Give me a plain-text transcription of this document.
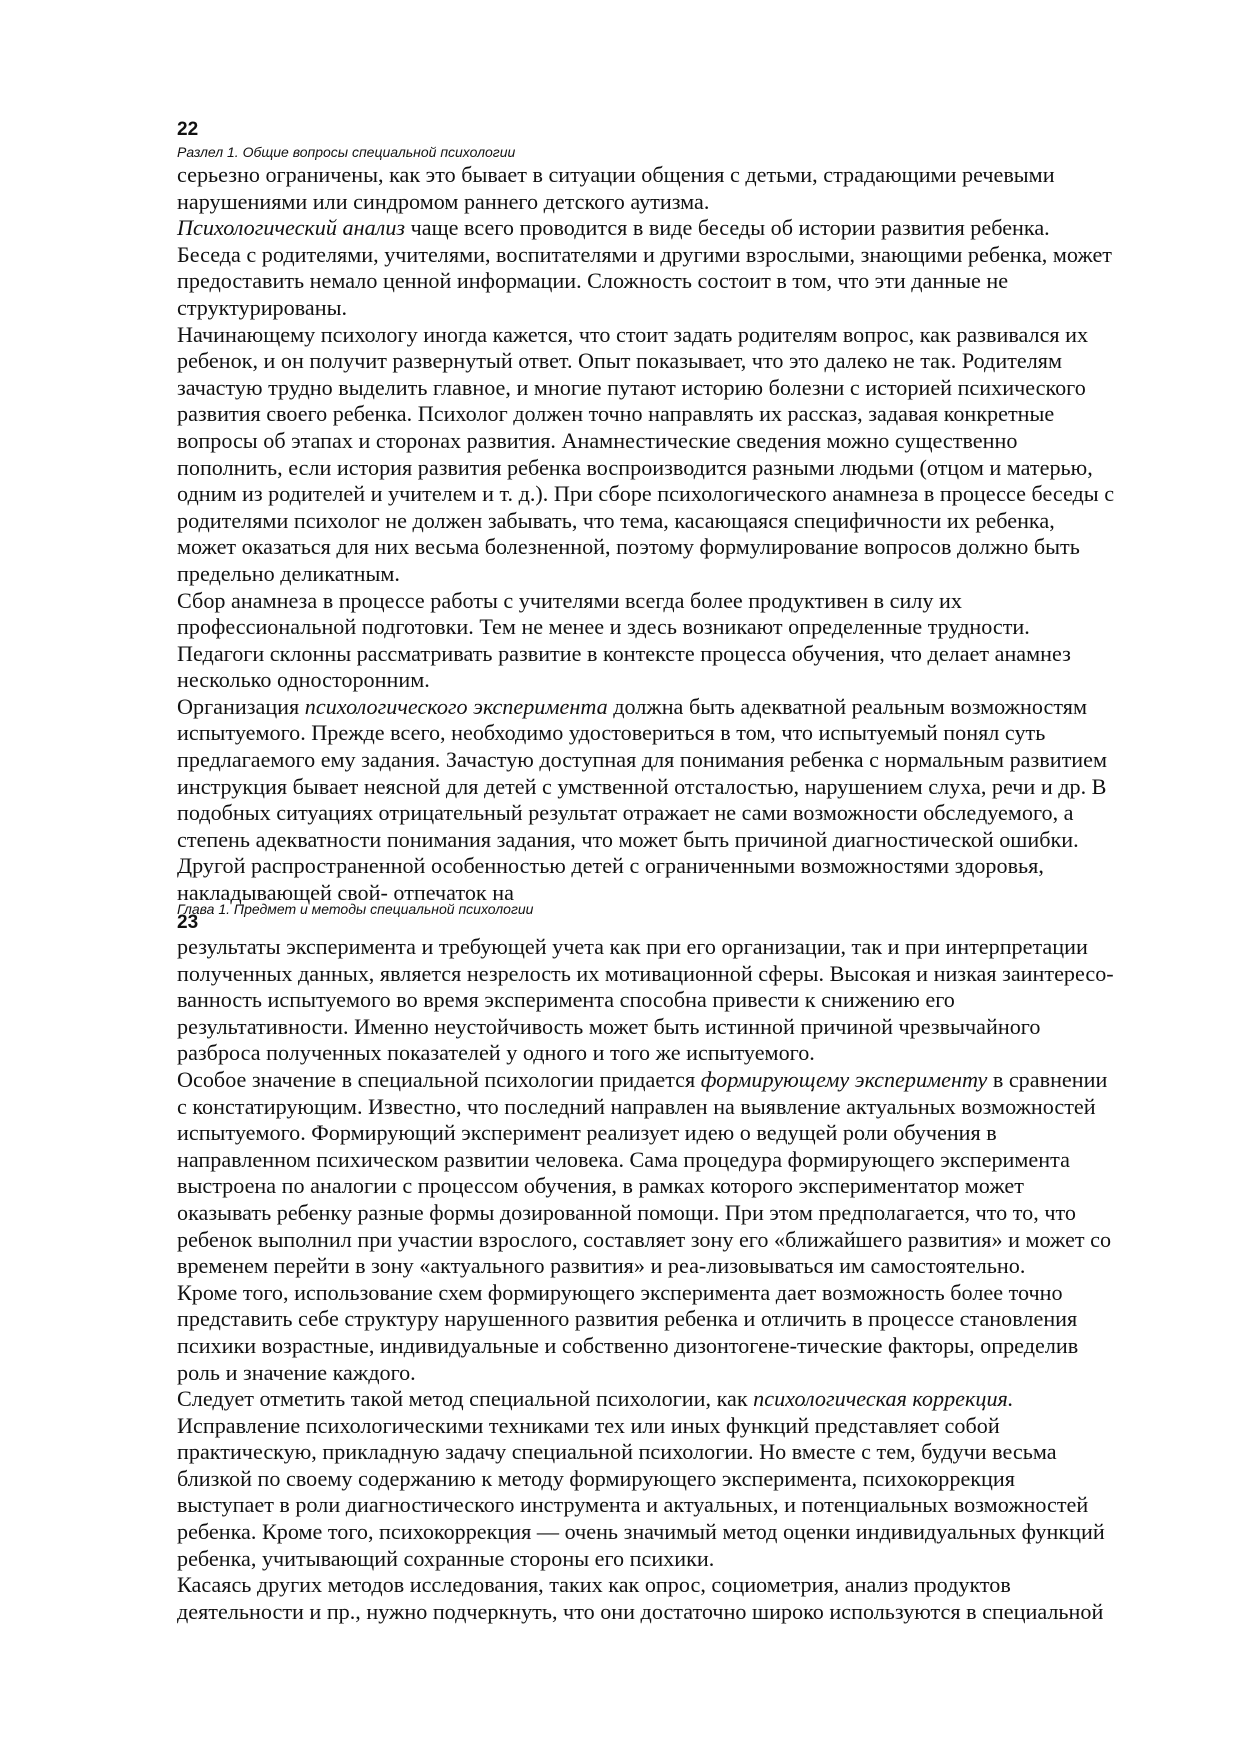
22
Разлел 1. Общие вопросы специальной психологии
серьезно ограничены, как это бывает в ситуации общения с детьми, страдающими речевыми
нарушениями или синдромом раннего детского аутизма.
Психологический анализ чаще всего проводится в виде беседы об истории развития ребенка.
Беседа с родителями, учителями, воспитателями и другими взрослыми, знающими ребенка, может
предоставить немало ценной информации. Сложность состоит в том, что эти данные не
структурированы.
Начинающему психологу иногда кажется, что стоит задать родителям вопрос, как развивался их
ребенок, и он получит развернутый ответ. Опыт показывает, что это далеко не так. Родителям
зачастую трудно выделить главное, и многие путают историю болезни с историей психического
развития своего ребенка. Психолог должен точно направлять их рассказ, задавая конкретные
вопросы об этапах и сторонах развития. Анамнестические сведения можно существенно
пополнить, если история развития ребенка воспроизводится разными людьми (отцом и матерью,
одним из родителей и учителем и т. д.). При сборе психологического анамнеза в процессе беседы с
родителями психолог не должен забывать, что тема, касающаяся специфичности их ребенка,
может оказаться для них весьма болезненной, поэтому формулирование вопросов должно быть
предельно деликатным.
Сбор анамнеза в процессе работы с учителями всегда более продуктивен в силу их
профессиональной подготовки. Тем не менее и здесь возникают определенные трудности.
Педагоги склонны рассматривать развитие в контексте процесса обучения, что делает анамнез
несколько односторонним.
Организация психологического эксперимента должна быть адекватной реальным возможностям
испытуемого. Прежде всего, необходимо удостовериться в том, что испытуемый понял суть
предлагаемого ему задания. Зачастую доступная для понимания ребенка с нормальным развитием
инструкция бывает неясной для детей с умственной отсталостью, нарушением слуха, речи и др. В
подобных ситуациях отрицательный результат отражает не сами возможности обследуемого, а
степень адекватности понимания задания, что может быть причиной диагностической ошибки.
Другой распространенной особенностью детей с ограниченными возможностями здоровья,
накладывающей свой- отпечаток на
Глава 1. Предмет и методы специальной психологии
23
результаты эксперимента и требующей учета как при его организации, так и при интерпретации
полученных данных, является незрелость их мотивационной сферы. Высокая и низкая заинтересо-
ванность испытуемого во время эксперимента способна привести к снижению его
результативности. Именно неустойчивость может быть истинной причиной чрезвычайного
разброса полученных показателей у одного и того же испытуемого.
Особое значение в специальной психологии придается формирующему эксперименту в сравнении
с констатирующим. Известно, что последний направлен на выявление актуальных возможностей
испытуемого. Формирующий эксперимент реализует идею о ведущей роли обучения в
направленном психическом развитии человека. Сама процедура формирующего эксперимента
выстроена по аналогии с процессом обучения, в рамках которого экспериментатор может
оказывать ребенку разные формы дозированной помощи. При этом предполагается, что то, что
ребенок выполнил при участии взрослого, составляет зону его «ближайшего развития» и может со
временем перейти в зону «актуального развития» и реа-лизовываться им самостоятельно.
Кроме того, использование схем формирующего эксперимента дает возможность более точно
представить себе структуру нарушенного развития ребенка и отличить в процессе становления
психики возрастные, индивидуальные и собственно дизонтогене-тические факторы, определив
роль и значение каждого.
Следует отметить такой метод специальной психологии, как психологическая коррекция.
Исправление психологическими техниками тех или иных функций представляет собой
практическую, прикладную задачу специальной психологии. Но вместе с тем, будучи весьма
близкой по своему содержанию к методу формирующего эксперимента, психокоррекция
выступает в роли диагностического инструмента и актуальных, и потенциальных возможностей
ребенка. Кроме того, психокоррекция — очень значимый метод оценки индивидуальных функций
ребенка, учитывающий сохранные стороны его психики.
Касаясь других методов исследования, таких как опрос, социометрия, анализ продуктов
деятельности и пр., нужно подчеркнуть, что они достаточно широко используются в специальной
